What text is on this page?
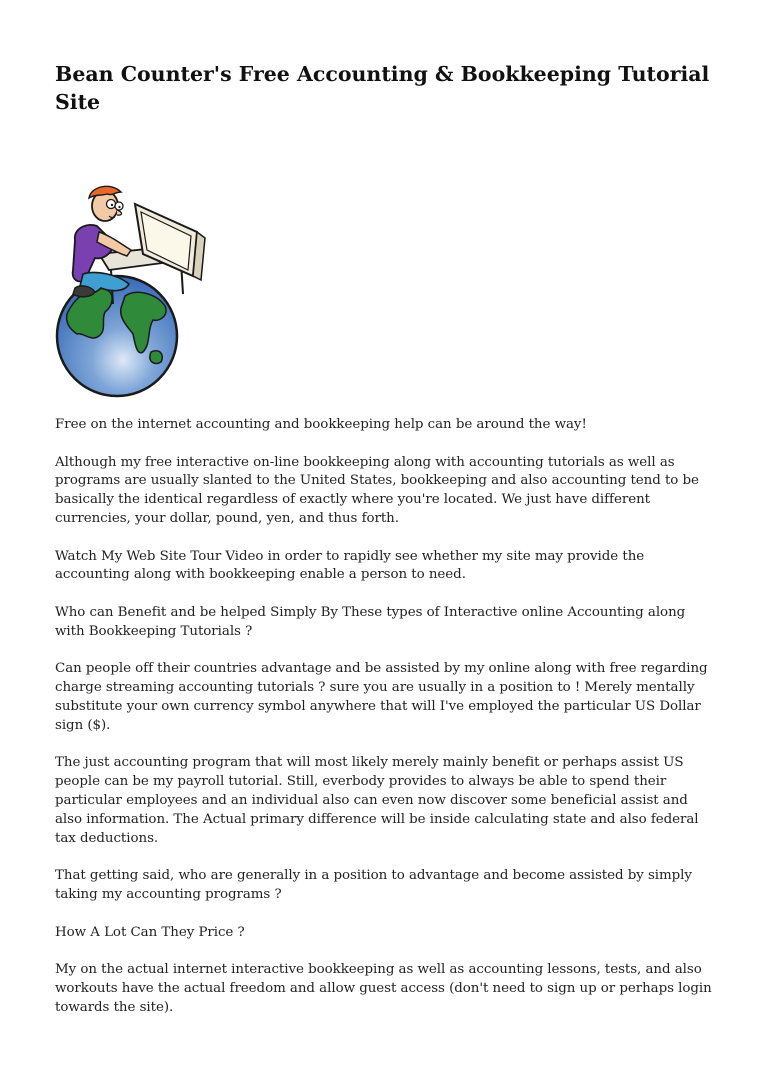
Bean Counter's Free Accounting & Bookkeeping Tutorial Site

Free on the internet accounting and bookkeeping help can be around the way!

Although my free interactive on-line bookkeeping along with accounting tutorials as well as programs are usually slanted to the United States, bookkeeping and also accounting tend to be basically the identical regardless of exactly where you're located. We just have different currencies, your dollar, pound, yen, and thus forth.

Watch My Web Site Tour Video in order to rapidly see whether my site may provide the accounting along with bookkeeping enable a person to need.

Who can Benefit and be helped Simply By These types of Interactive online Accounting along with Bookkeeping Tutorials ?

Can people off their countries advantage and be assisted by my online along with free regarding charge streaming accounting tutorials ? sure you are usually in a position to ! Merely mentally substitute your own currency symbol anywhere that will I've employed the particular US Dollar sign ($).

The just accounting program that will most likely merely mainly benefit or perhaps assist US people can be my payroll tutorial. Still, everbody provides to always be able to spend their particular employees and an individual also can even now discover some beneficial assist and also information. The Actual primary difference will be inside calculating state and also federal tax deductions.

That getting said, who are generally in a position to advantage and become assisted by simply taking my accounting programs ?

How A Lot Can They Price ?

My on the actual internet interactive bookkeeping as well as accounting lessons, tests, and also workouts have the actual freedom and allow guest access (don't need to sign up or perhaps login towards the site).
